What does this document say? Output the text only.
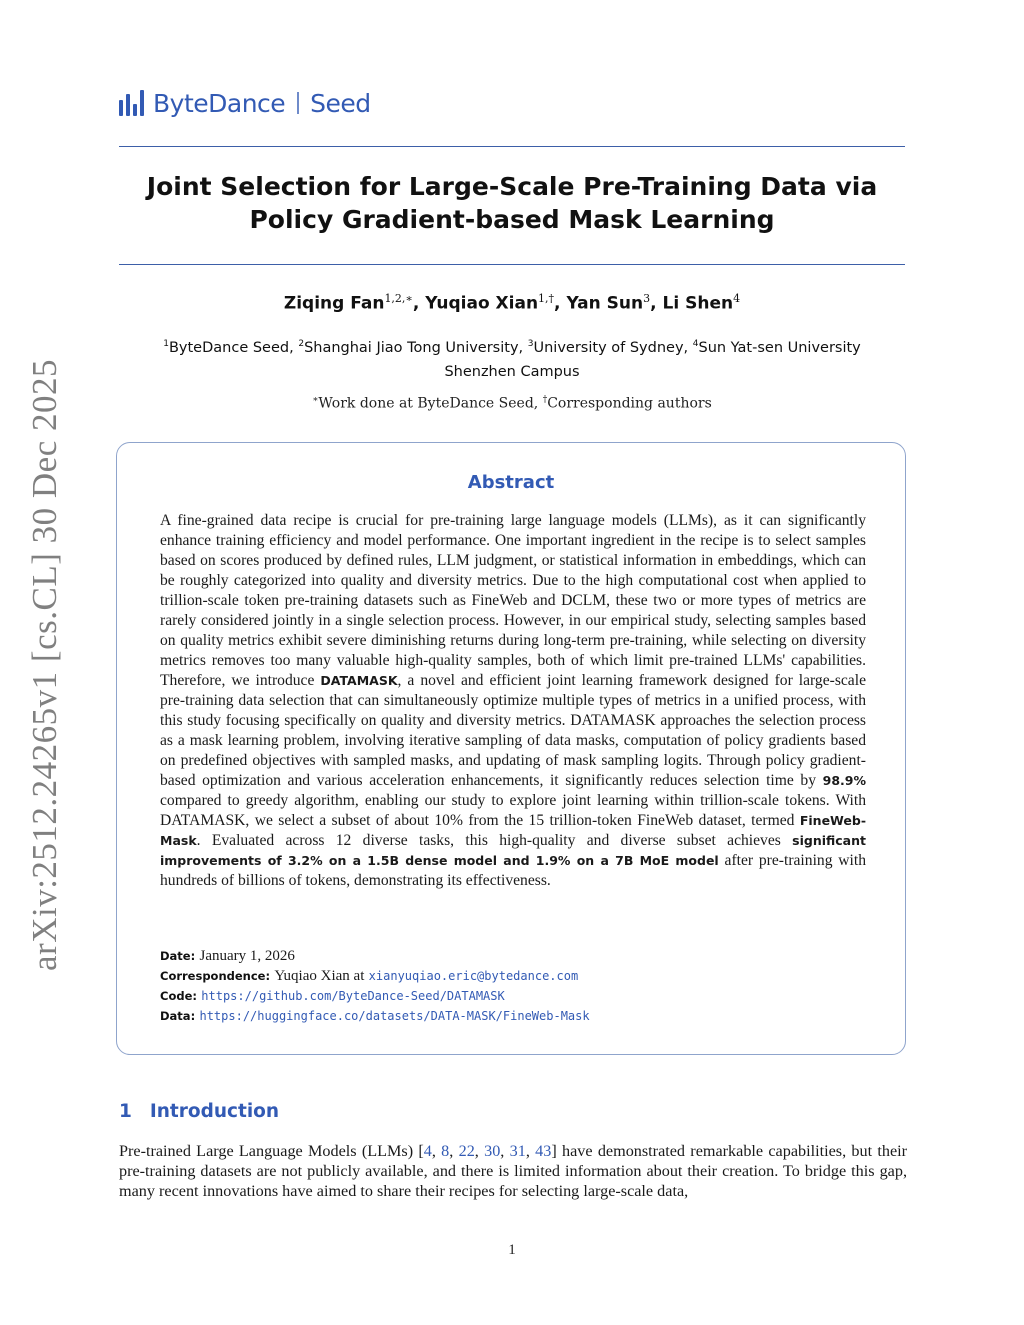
arXiv:2512.24265v1 [cs.CL] 30 Dec 2025
ByteDance Seed
Joint Selection for Large-Scale Pre-Training Data via
Policy Gradient-based Mask Learning
Ziqing Fan$^{1,2,∗}$, Yuqiao Xian$^{1,\dagger}$, Yan Sun$^3$, Li Shen$^4$
$^1$ByteDance Seed, $^2$Shanghai Jiao Tong University, $^3$University of Sydney, $^4$Sun Yat-sen University Shenzhen Campus
∗Work done at ByteDance Seed, †Corresponding authors
Abstract
A fine-grained data recipe is crucial for pre-training large language models (LLMs), as it can significantly enhance training efficiency and model performance. One important ingredient in the recipe is to select samples based on scores produced by defined rules, LLM judgment, or statistical information in embeddings, which can be roughly categorized into quality and diversity metrics. Due to the high computational cost when applied to trillion-scale token pre-training datasets such as FineWeb and DCLM, these two or more types of metrics are rarely considered jointly in a single selection process. However, in our empirical study, selecting samples based on quality metrics exhibit severe diminishing returns during long-term pre-training, while selecting on diversity metrics removes too many valuable high-quality samples, both of which limit pre-trained LLMs' capabilities. Therefore, we introduce DATAMASK, a novel and efficient joint learning framework designed for large-scale pre-training data selection that can simultaneously optimize multiple types of metrics in a unified process, with this study focusing specifically on quality and diversity metrics. DATAMASK approaches the selection process as a mask learning problem, involving iterative sampling of data masks, computation of policy gradients based on predefined objectives with sampled masks, and updating of mask sampling logits. Through policy gradient-based optimization and various acceleration enhancements, it significantly reduces selection time by 98.9% compared to greedy algorithm, enabling our study to explore joint learning within trillion-scale tokens. With DATAMASK, we select a subset of about 10% from the 15 trillion-token FineWeb dataset, termed FineWeb-Mask. Evaluated across 12 diverse tasks, this high-quality and diverse subset achieves significant improvements of 3.2% on a 1.5B dense model and 1.9% on a 7B MoE model after pre-training with hundreds of billions of tokens, demonstrating its effectiveness.
Date: January 1, 2026
Correspondence: Yuqiao Xian at xianyuqiao.eric@bytedance.com
Code: https://github.com/ByteDance-Seed/DATAMASK
Data: https://huggingface.co/datasets/DATA-MASK/FineWeb-Mask
1 Introduction
Pre-trained Large Language Models (LLMs) [4, 8, 22, 30, 31, 43] have demonstrated remarkable capabilities, but their pre-training datasets are not publicly available, and there is limited information about their creation. To bridge this gap, many recent innovations have aimed to share their recipes for selecting large-scale data,
1
